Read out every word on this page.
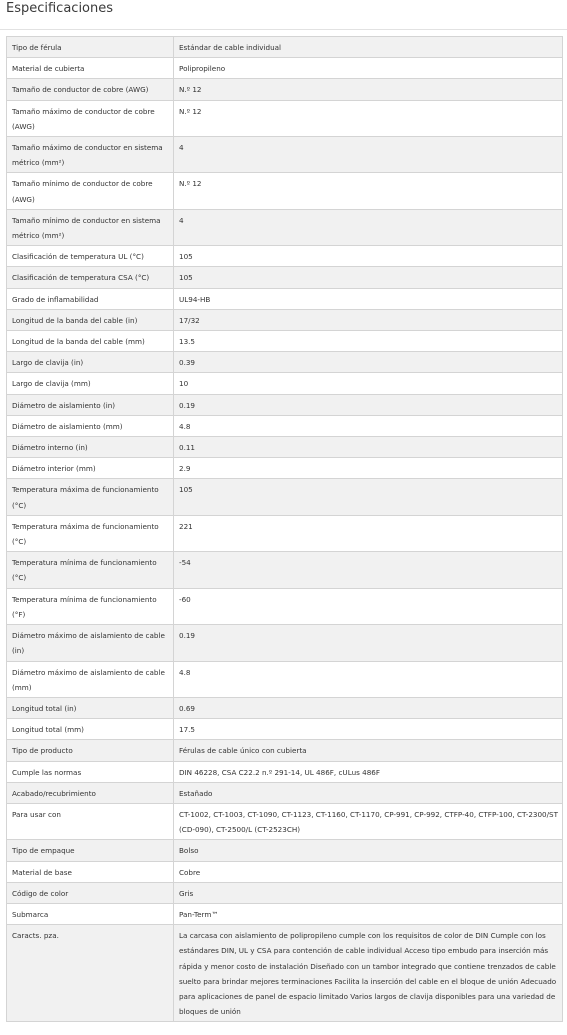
Especificaciones
Tipo de férula	Estándar de cable individual
Material de cubierta	Polipropileno
Tamaño de conductor de cobre (AWG)	N.º 12
Tamaño máximo de conductor de cobre (AWG)	N.º 12
Tamaño máximo de conductor en sistema métrico (mm²)	4
Tamaño mínimo de conductor de cobre (AWG)	N.º 12
Tamaño mínimo de conductor en sistema métrico (mm²)	4
Clasificación de temperatura UL (°C)	105
Clasificación de temperatura CSA (°C)	105
Grado de inflamabilidad	UL94-HB
Longitud de la banda del cable (in)	17/32
Longitud de la banda del cable (mm)	13.5
Largo de clavija (in)	0.39
Largo de clavija (mm)	10
Diámetro de aislamiento (in)	0.19
Diámetro de aislamiento (mm)	4.8
Diámetro interno (in)	0.11
Diámetro interior (mm)	2.9
Temperatura máxima de funcionamiento (°C)	105
Temperatura máxima de funcionamiento (°C)	221
Temperatura mínima de funcionamiento (°C)	-54
Temperatura mínima de funcionamiento (°F)	-60
Diámetro máximo de aislamiento de cable (in)	0.19
Diámetro máximo de aislamiento de cable (mm)	4.8
Longitud total (in)	0.69
Longitud total (mm)	17.5
Tipo de producto	Férulas de cable único con cubierta
Cumple las normas	DIN 46228, CSA C22.2 n.º 291-14, UL 486F, cULus 486F
Acabado/recubrimiento	Estañado
Para usar con	CT-1002, CT-1003, CT-1090, CT-1123, CT-1160, CT-1170, CP-991, CP-992, CTFP-40, CTFP-100, CT-2300/ST (CD-090), CT-2500/L (CT-2523CH)
Tipo de empaque	Bolso
Material de base	Cobre
Código de color	Gris
Submarca	Pan-Term™
Caracts. pza.	La carcasa con aislamiento de polipropileno cumple con los requisitos de color de DIN Cumple con los estándares DIN, UL y CSA para contención de cable individual Acceso tipo embudo para inserción más rápida y menor costo de instalación Diseñado con un tambor integrado que contiene trenzados de cable suelto para brindar mejores terminaciones Facilita la inserción del cable en el bloque de unión Adecuado para aplicaciones de panel de espacio limitado Varios largos de clavija disponibles para una variedad de bloques de unión
